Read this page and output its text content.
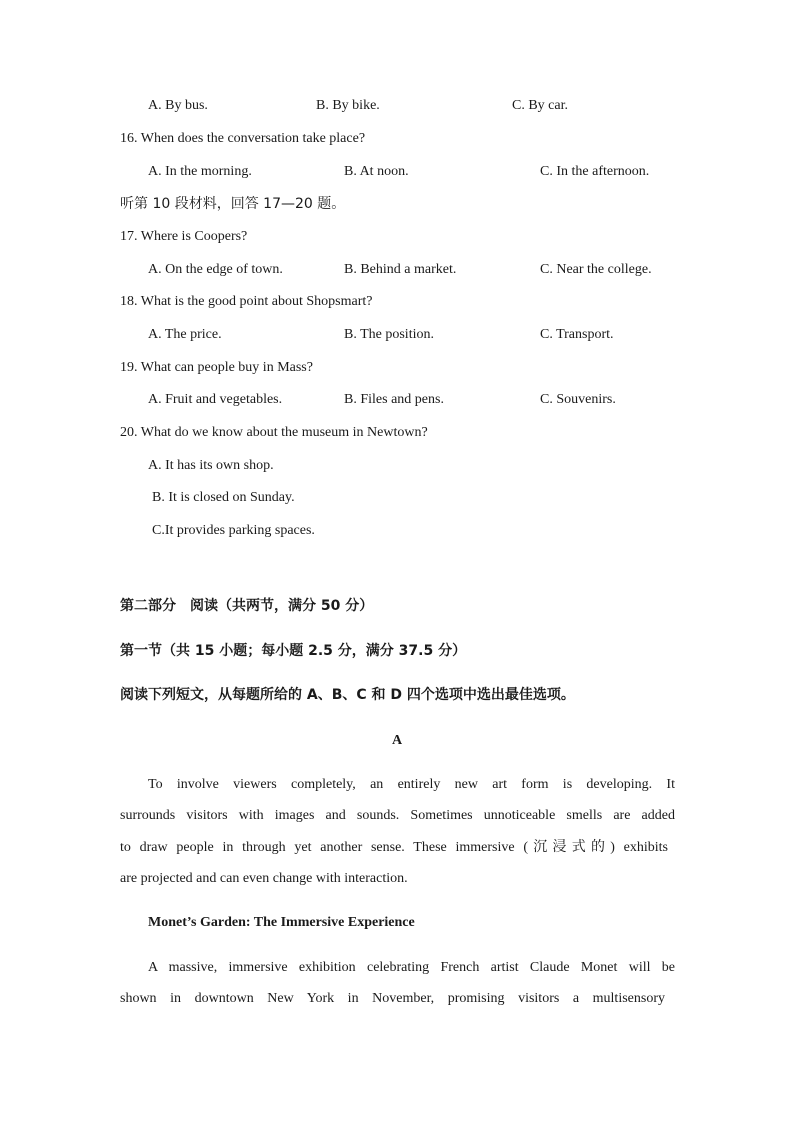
A. By bus.	B. By bike.	C. By car.
16. When does the conversation take place?
A. In the morning.	B. At noon.	C. In the afternoon.
听第 10 段材料，回答 17—20 题。
17. Where is Coopers?
A. On the edge of town.	B. Behind a market.	C. Near the college.
18. What is the good point about Shopsmart?
A. The price.	B. The position.	C. Transport.
19. What can people buy in Mass?
A. Fruit and vegetables.	B. Files and pens.	C. Souvenirs.
20. What do we know about the museum in Newtown?
A. It has its own shop.
B. It is closed on Sunday.
C.It provides parking spaces.
第二部分　阅读（共两节，满分 50 分）
第一节（共 15 小题；每小题 2.5 分，满分 37.5 分）
阅读下列短文，从每题所给的 A、B、C 和 D 四个选项中选出最佳选项。
A
To involve viewers completely, an entirely new art form is developing. It
surrounds visitors with images and sounds. Sometimes unnoticeable smells are added
to draw people in through yet another sense. These immersive (沉浸式的) exhibits
are projected and can even change with interaction.
Monet’s Garden: The Immersive Experience
A massive, immersive exhibition celebrating French artist Claude Monet will be
shown in downtown New York in November, promising visitors a multisensory
